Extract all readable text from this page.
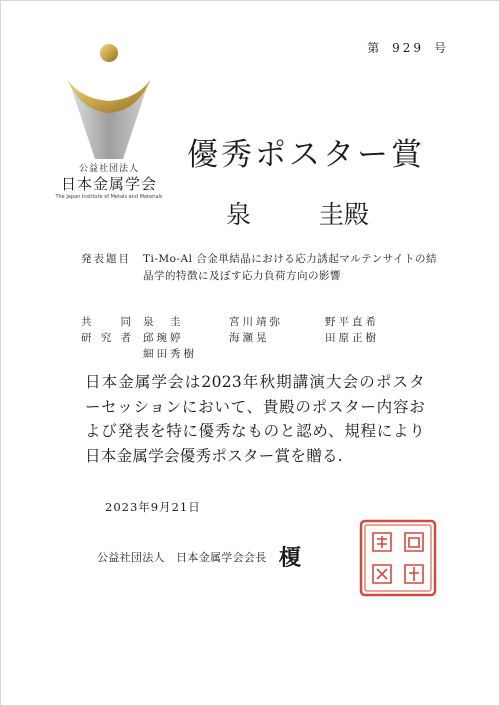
第 929 号
公益社団法人
日本金属学会
The Japan Institute of Metals and Materials
優秀ポスター賞
泉	圭殿
発表題目 Ti-Mo-Al 合金単結晶における応力誘起マルテンサイトの結晶学的特徴に及ぼす応力負荷方向の影響
共同
研究者
泉　圭	宮川靖弥	野平直希
邱琬婷	海瀬晃	田原正樹
細田秀樹
日本金属学会は2023年秋期講演大会のポスターセッションにおいて、貴殿のポスター内容および発表を特に優秀なものと認め、規程により日本金属学会優秀ポスター賞を贈る.
2023年9月21日
公益社団法人　日本金属学会会長 榎
